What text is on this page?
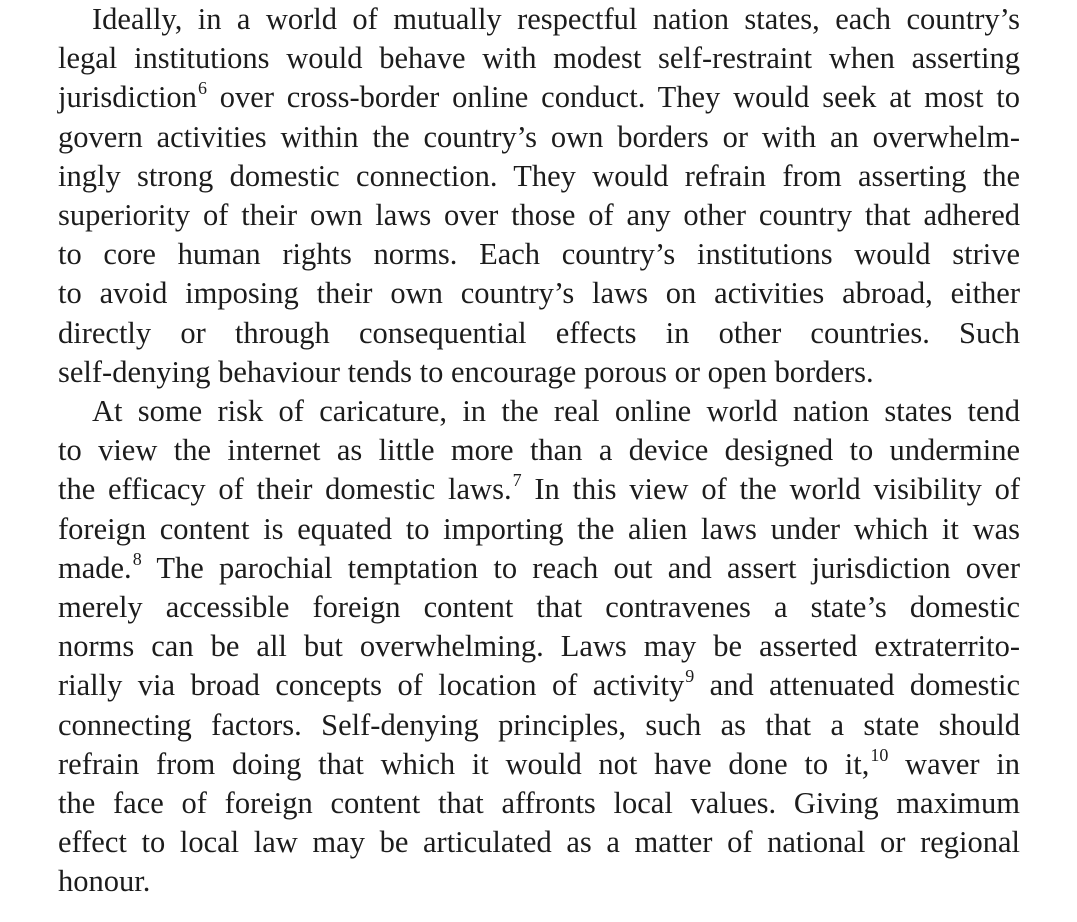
Ideally, in a world of mutually respectful nation states, each country’s
legal institutions would behave with modest self-restraint when asserting
jurisdiction$^6$ over cross-border online conduct. They would seek at most to
govern activities within the country’s own borders or with an overwhelm-
ingly strong domestic connection. They would refrain from asserting the
superiority of their own laws over those of any other country that adhered
to core human rights norms. Each country’s institutions would strive
to avoid imposing their own country’s laws on activities abroad, either
directly or through consequential effects in other countries. Such
self-denying behaviour tends to encourage porous or open borders.
At some risk of caricature, in the real online world nation states tend
to view the internet as little more than a device designed to undermine
the efficacy of their domestic laws.$^7$ In this view of the world visibility of
foreign content is equated to importing the alien laws under which it was
made.$^8$ The parochial temptation to reach out and assert jurisdiction over
merely accessible foreign content that contravenes a state’s domestic
norms can be all but overwhelming. Laws may be asserted extraterrito-
rially via broad concepts of location of activity$^9$ and attenuated domestic
connecting factors. Self-denying principles, such as that a state should
refrain from doing that which it would not have done to it,$^{10}$ waver in
the face of foreign content that affronts local values. Giving maximum
effect to local law may be articulated as a matter of national or regional
honour.
